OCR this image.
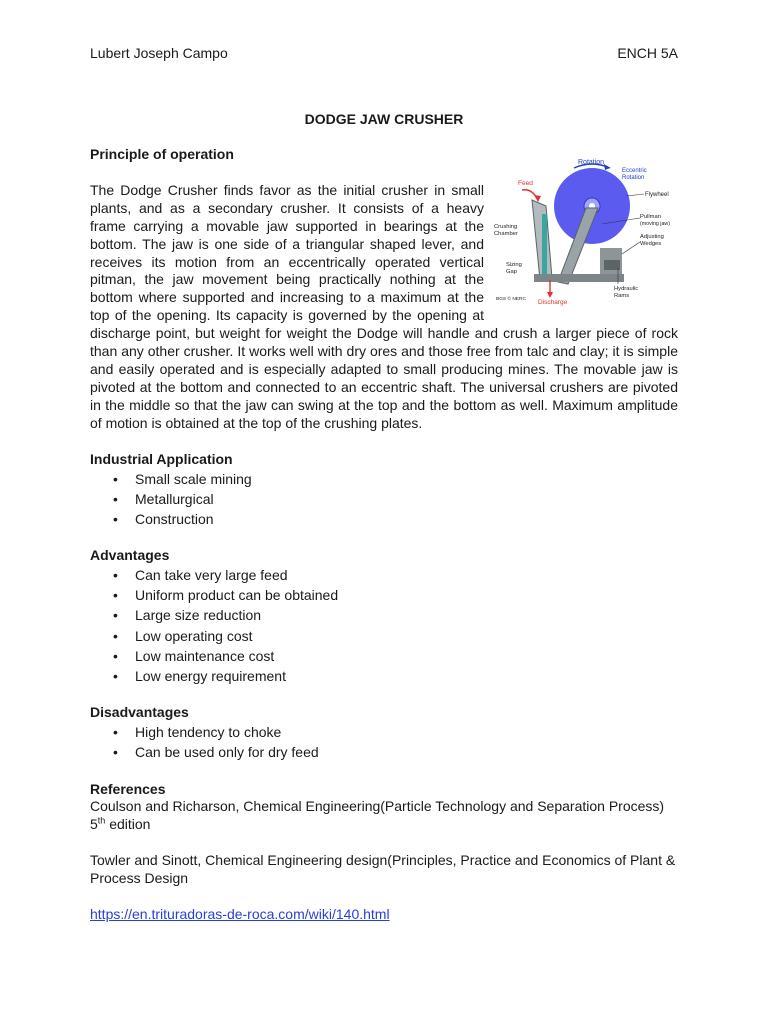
Lubert Joseph Campo	ENCH 5A
DODGE JAW CRUSHER

Principle of operation

Rotation
Eccentric
Rotation
Feed
Flywheel
Pullman
(moving jaw)
Crushing
Chamber	Adjusting
Wedges
Sizing
Gap
Hydraulic
Rams
BGS © NERC Discharge

The Dodge Crusher finds favor as the initial crusher in small plants, and as a secondary crusher. It consists of a heavy frame carrying a movable jaw supported in bearings at the bottom. The jaw is one side of a triangular shaped lever, and receives its motion from an eccentrically operated vertical pitman, the jaw movement being practically nothing at the bottom where supported and increasing to a maximum at the top of the opening. Its capacity is governed by the opening at discharge point, but weight for weight the Dodge will handle and crush a larger piece of rock than any other crusher. It works well with dry ores and those free from talc and clay; it is simple and easily operated and is especially adapted to small producing mines. The movable jaw is pivoted at the bottom and connected to an eccentric shaft. The universal crushers are pivoted in the middle so that the jaw can swing at the top and the bottom as well. Maximum amplitude of motion is obtained at the top of the crushing plates.

Industrial Application

• Small scale mining
• Metallurgical
• Construction

Advantages

• Can take very large feed
• Uniform product can be obtained
• Large size reduction
• Low operating cost
• Low maintenance cost
• Low energy requirement

Disadvantages

• High tendency to choke
• Can be used only for dry feed

References

Coulson and Richarson, Chemical Engineering(Particle Technology and Separation Process) 5th edition

Towler and Sinott, Chemical Engineering design(Principles, Practice and Economics of Plant & Process Design

https://en.trituradoras-de-roca.com/wiki/140.html
